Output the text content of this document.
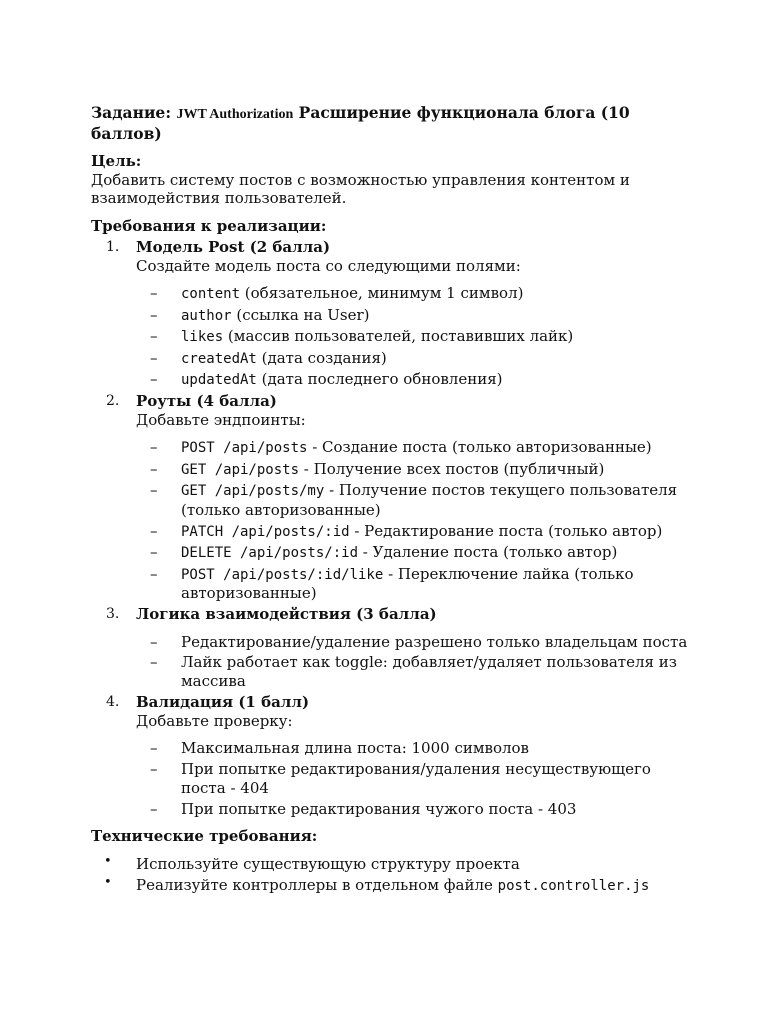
Задание: JWT Authorization Расширение функционала блога (10 баллов)

Цель:

Добавить систему постов с возможностью управления контентом и взаимодействия пользователей.

Требования к реализации:

1. Модель Post (2 балла)
Создайте модель поста со следующими полями:
– content (обязательное, минимум 1 символ)
– author (ссылка на User)
– likes (массив пользователей, поставивших лайк)
– createdAt (дата создания)
– updatedAt (дата последнего обновления)
2. Роуты (4 балла)
Добавьте эндпоинты:
– POST /api/posts - Создание поста (только авторизованные)
– GET /api/posts - Получение всех постов (публичный)
– GET /api/posts/my - Получение постов текущего пользователя (только авторизованные)
– PATCH /api/posts/:id - Редактирование поста (только автор)
– DELETE /api/posts/:id - Удаление поста (только автор)
– POST /api/posts/:id/like - Переключение лайка (только авторизованные)
3. Логика взаимодействия (3 балла)
– Редактирование/удаление разрешено только владельцам поста
– Лайк работает как toggle: добавляет/удаляет пользователя из массива
4. Валидация (1 балл)
Добавьте проверку:
– Максимальная длина поста: 1000 символов
– При попытке редактирования/удаления несуществующего поста - 404
– При попытке редактирования чужого поста - 403

Технические требования:

• Используйте существующую структуру проекта
• Реализуйте контроллеры в отдельном файле post.controller.js
